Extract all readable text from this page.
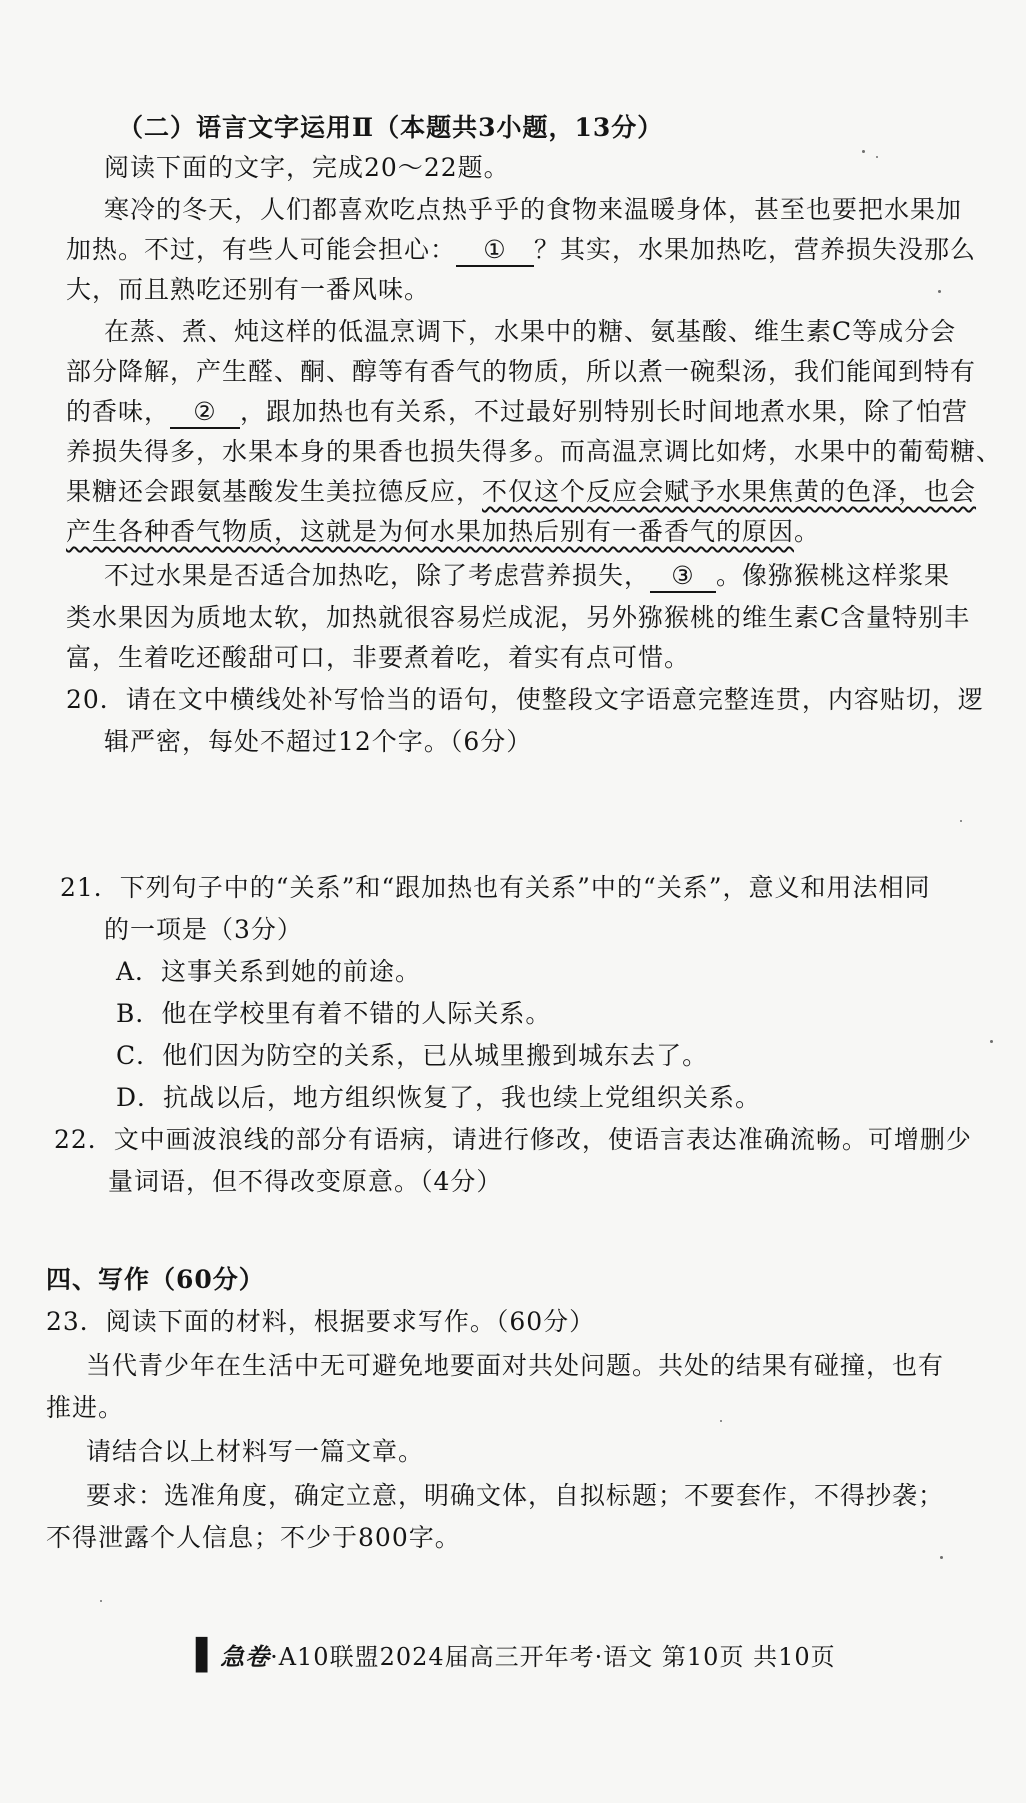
（二）语言文字运用Ⅱ（本题共3小题，13分）
阅读下面的文字，完成20～22题。
寒冷的冬天，人们都喜欢吃点热乎乎的食物来温暖身体，甚至也要把水果加
加热。不过，有些人可能会担心： ① ？其实，水果加热吃，营养损失没那么
大，而且熟吃还别有一番风味。
在蒸、煮、炖这样的低温烹调下，水果中的糖、氨基酸、维生素C等成分会
部分降解，产生醛、酮、醇等有香气的物质，所以煮一碗梨汤，我们能闻到特有
的香味， ② ，跟加热也有关系，不过最好别特别长时间地煮水果，除了怕营
养损失得多，水果本身的果香也损失得多。而高温烹调比如烤，水果中的葡萄糖、
果糖还会跟氨基酸发生美拉德反应，不仅这个反应会赋予水果焦黄的色泽，也会
产生各种香气物质，这就是为何水果加热后别有一番香气的原因。
不过水果是否适合加热吃，除了考虑营养损失， ③ 。像猕猴桃这样浆果
类水果因为质地太软，加热就很容易烂成泥，另外猕猴桃的维生素C含量特别丰
富，生着吃还酸甜可口，非要煮着吃，着实有点可惜。
20．请在文中横线处补写恰当的语句，使整段文字语意完整连贯，内容贴切，逻
辑严密，每处不超过12个字。（6分）
21．下列句子中的“关系”和“跟加热也有关系”中的“关系”，意义和用法相同
的一项是（3分）
A．这事关系到她的前途。
B．他在学校里有着不错的人际关系。
C．他们因为防空的关系，已从城里搬到城东去了。
D．抗战以后，地方组织恢复了，我也续上党组织关系。
22．文中画波浪线的部分有语病，请进行修改，使语言表达准确流畅。可增删少
量词语，但不得改变原意。（4分）
四、写作（60分）
23．阅读下面的材料，根据要求写作。（60分）
当代青少年在生活中无可避免地要面对共处问题。共处的结果有碰撞，也有
推进。
请结合以上材料写一篇文章。
要求：选准角度，确定立意，明确文体，自拟标题；不要套作，不得抄袭；
不得泄露个人信息；不少于800字。
▌急卷·A10联盟2024届高三开年考·语文 第10页 共10页
